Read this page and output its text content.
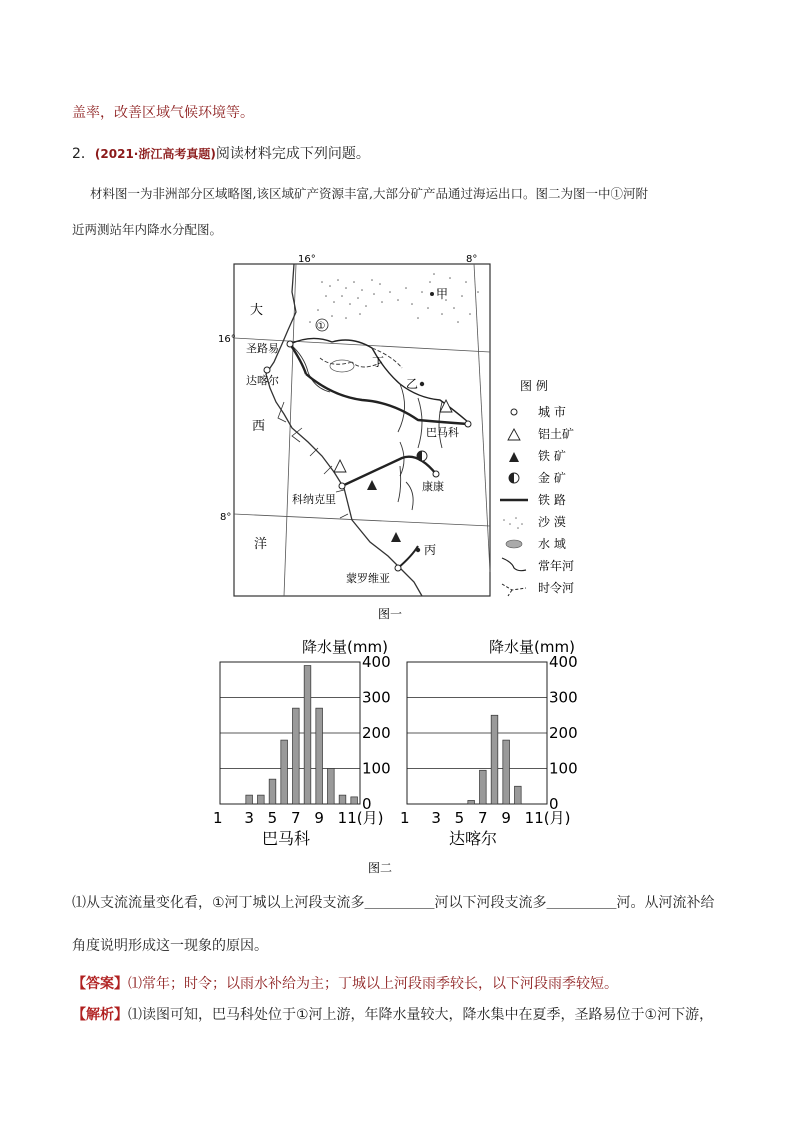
盖率，改善区域气候环境等。
2．(2021·浙江高考真题)阅读材料完成下列问题。
材料图一为非洲部分区域略图,该区域矿产资源丰富,大部分矿产品通过海运出口。图二为图一中①河附
近两测站年内降水分配图。
16°	8°
16°
8°
圣路易
达喀尔
巴马科
科纳克里
康康
蒙罗维亚
甲
乙
丁
丙
①
大
西
洋
图 例
城 市
铝土矿
铁 矿
金 矿
铁 路
沙 漠
水 域
常年河
时令河
图一
降水量(mm)
0
100
200
300
400
1 3 5 7 9 11(月)
巴马科
降水量(mm)
0
100
200
300
400
1 3 5 7 9 11(月)
达喀尔
图二
⑴从支流流量变化看，①河丁城以上河段支流多＿＿＿＿＿河以下河段支流多＿＿＿＿＿河。从河流补给
角度说明形成这一现象的原因。
【答案】⑴常年；时令；以雨水补给为主；丁城以上河段雨季较长，以下河段雨季较短。
【解析】⑴读图可知，巴马科处位于①河上游，年降水量较大，降水集中在夏季，圣路易位于①河下游，
